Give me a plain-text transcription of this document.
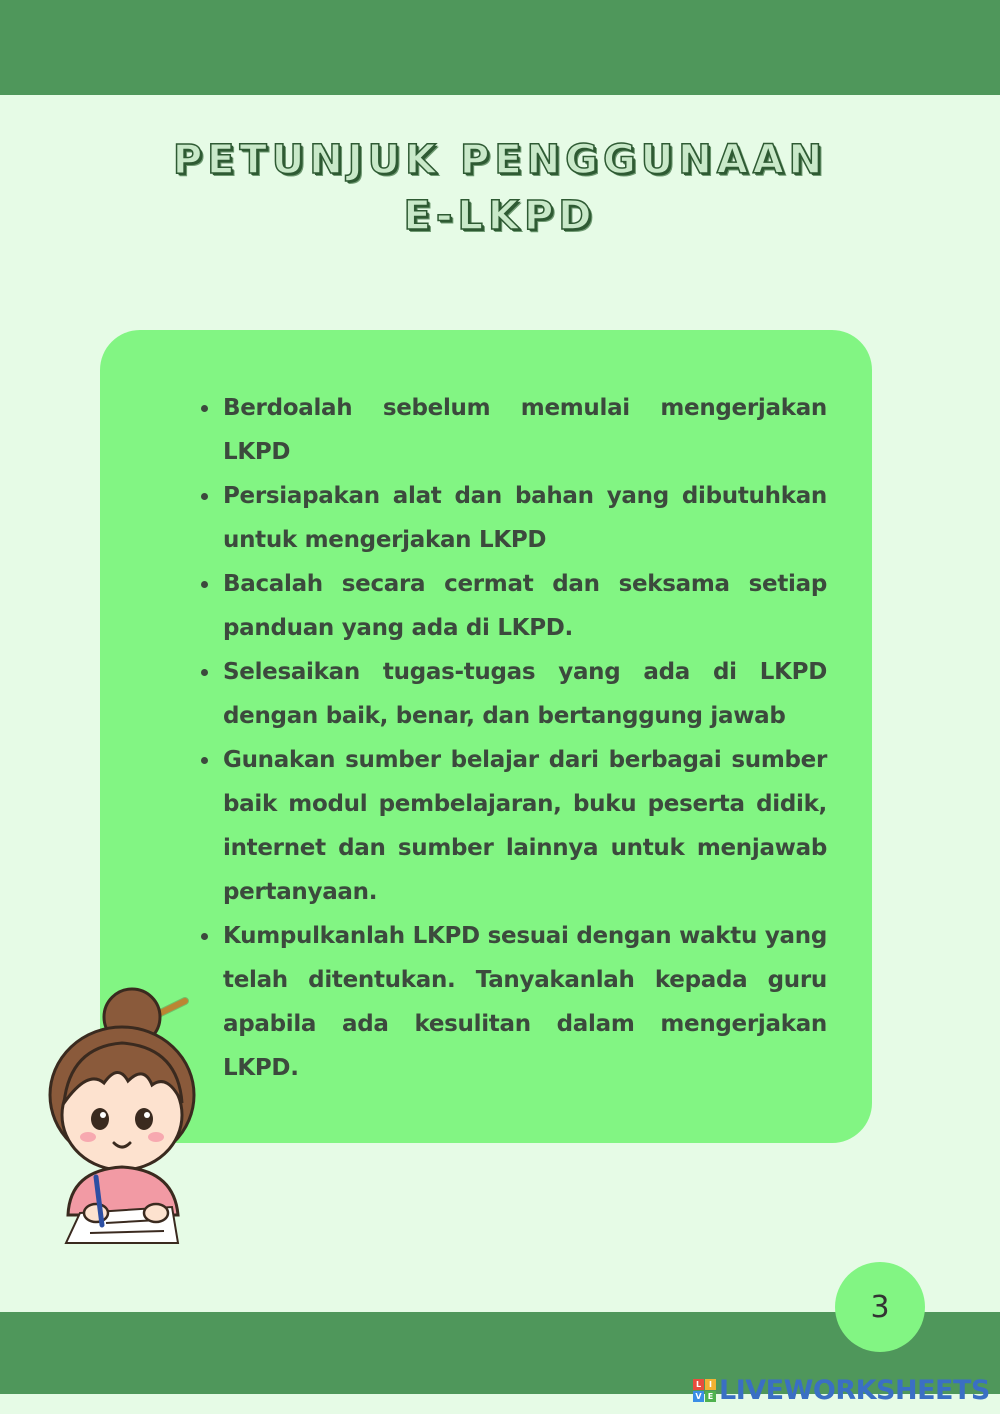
PETUNJUK PENGGUNAAN
E-LKPD
• Berdoalah sebelum memulai mengerjakan LKPD
• Persiapakan alat dan bahan yang dibutuhkan untuk mengerjakan LKPD
• Bacalah secara cermat dan seksama setiap panduan yang ada di LKPD.
• Selesaikan tugas-tugas yang ada di LKPD dengan baik, benar, dan bertanggung jawab
• Gunakan sumber belajar dari berbagai sumber baik modul pembelajaran, buku peserta didik, internet dan sumber lainnya untuk menjawab pertanyaan.
• Kumpulkanlah LKPD sesuai dengan waktu yang telah ditentukan. Tanyakanlah kepada guru apabila ada kesulitan dalam mengerjakan LKPD.
3
L I
V E LIVEWORKSHEETS
